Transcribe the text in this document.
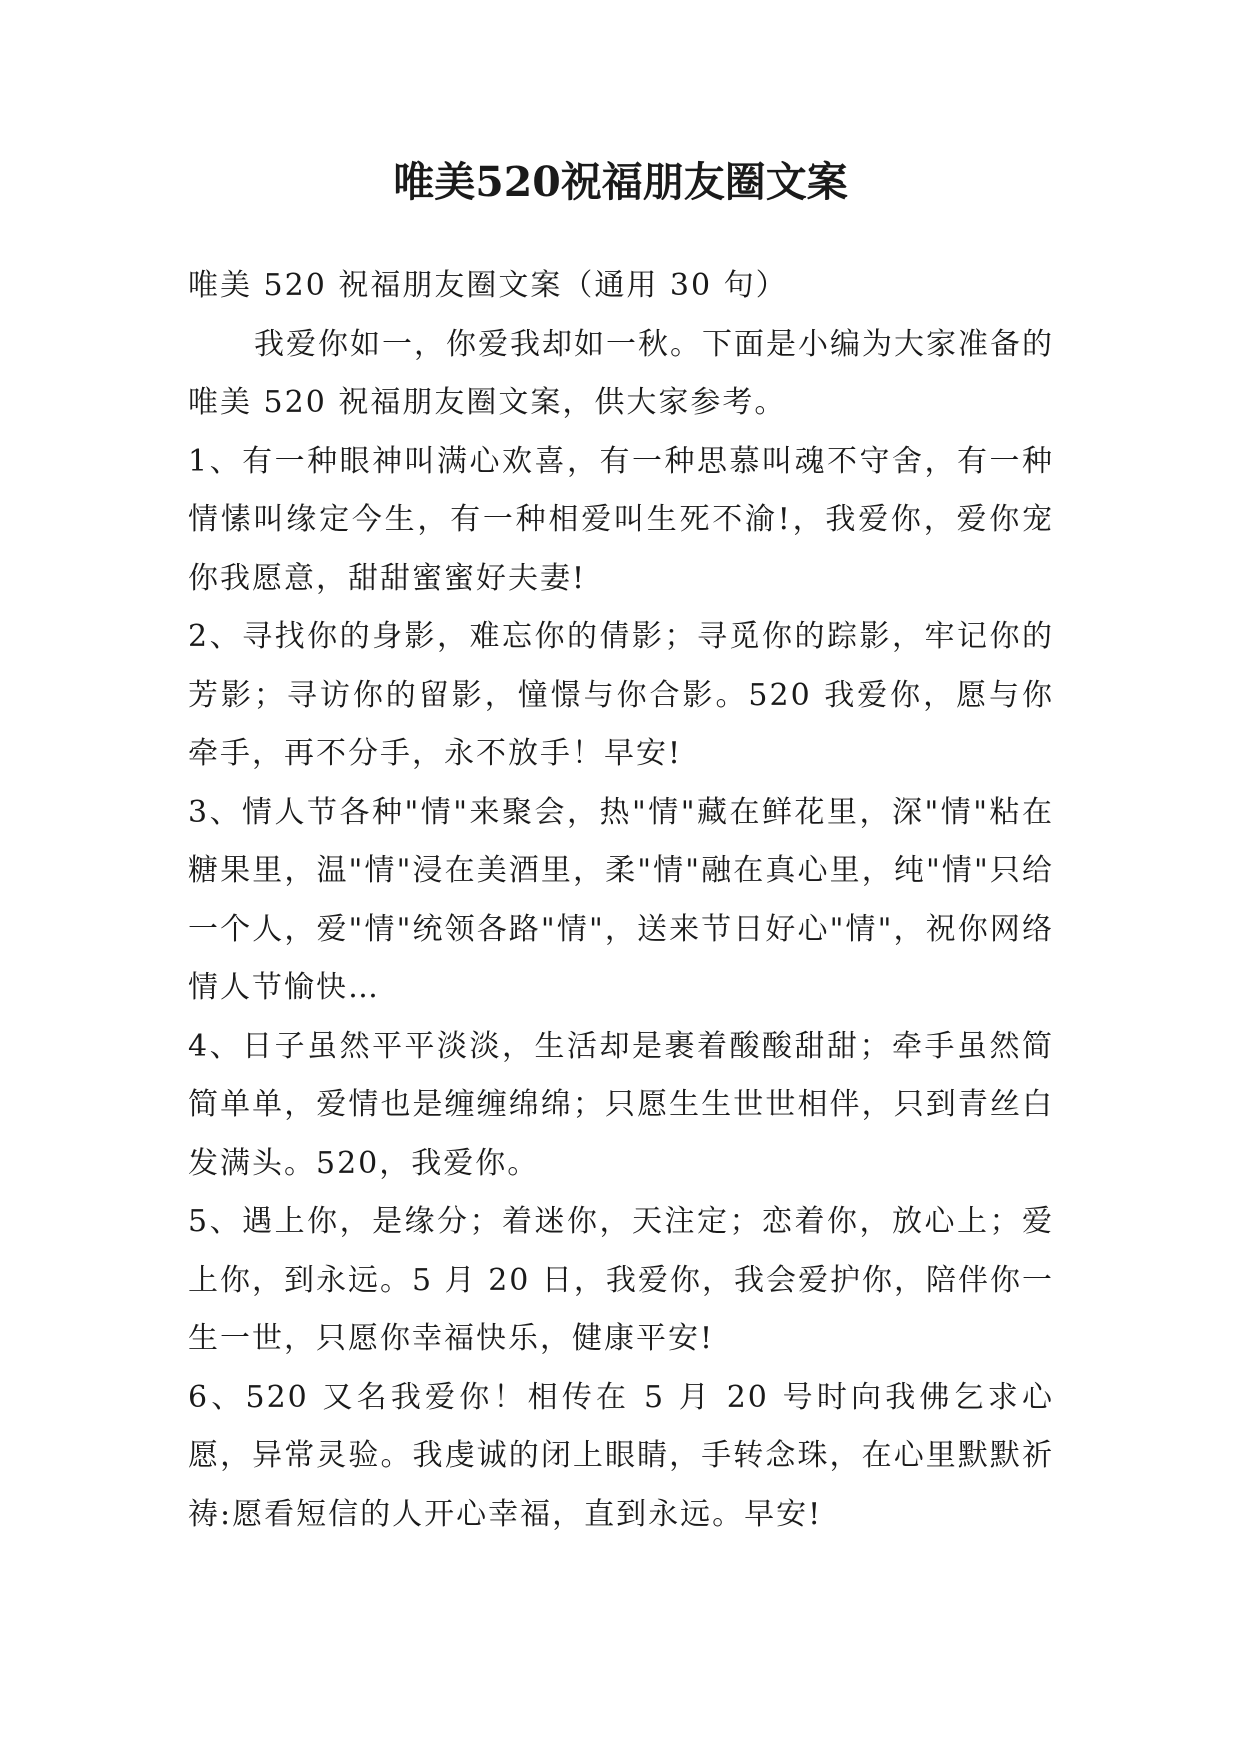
唯美520祝福朋友圈文案

唯美 520 祝福朋友圈文案（通用 30 句）

我爱你如一，你爱我却如一秋。下面是小编为大家准备的唯美 520 祝福朋友圈文案，供大家参考。

1、有一种眼神叫满心欢喜，有一种思慕叫魂不守舍，有一种情愫叫缘定今生，有一种相爱叫生死不渝!，我爱你，爱你宠你我愿意，甜甜蜜蜜好夫妻!

2、寻找你的身影，难忘你的倩影；寻觅你的踪影，牢记你的芳影；寻访你的留影，憧憬与你合影。520 我爱你，愿与你牵手，再不分手，永不放手！早安!

3、情人节各种"情"来聚会，热"情"藏在鲜花里，深"情"粘在糖果里，温"情"浸在美酒里，柔"情"融在真心里，纯"情"只给一个人，爱"情"统领各路"情"，送来节日好心"情"，祝你网络情人节愉快…

4、日子虽然平平淡淡，生活却是裹着酸酸甜甜；牵手虽然简简单单，爱情也是缠缠绵绵；只愿生生世世相伴，只到青丝白发满头。520，我爱你。

5、遇上你，是缘分；着迷你，天注定；恋着你，放心上；爱上你，到永远。5 月 20 日，我爱你，我会爱护你，陪伴你一生一世，只愿你幸福快乐，健康平安!

6、520 又名我爱你！相传在 5 月 20 号时向我佛乞求心愿，异常灵验。我虔诚的闭上眼睛，手转念珠，在心里默默祈祷:愿看短信的人开心幸福，直到永远。早安!
